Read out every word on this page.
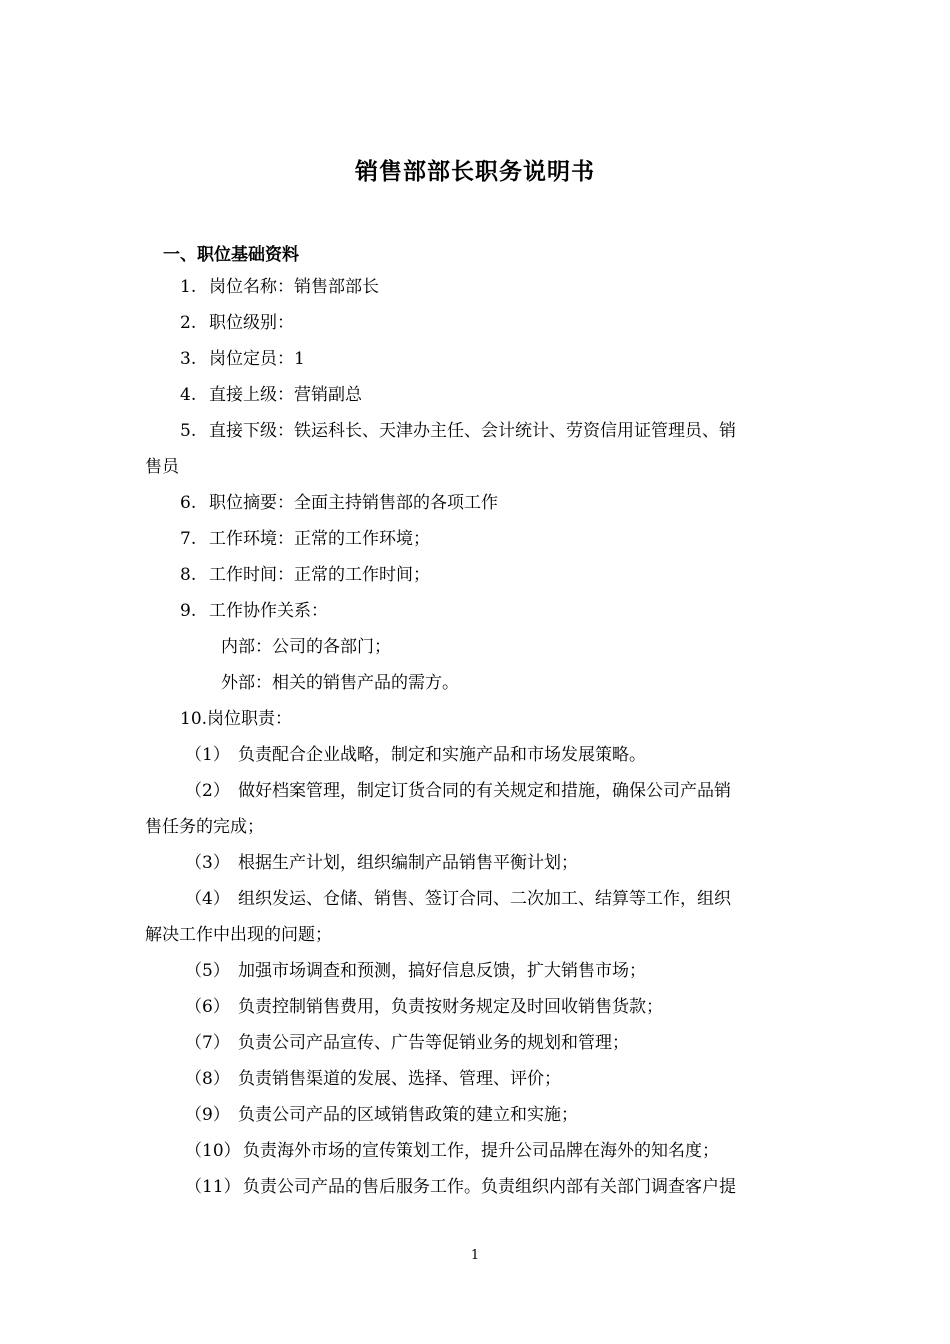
销售部部长职务说明书
一、职位基础资料
1. 岗位名称：销售部部长
2. 职位级别：
3. 岗位定员：1
4. 直接上级：营销副总
5. 直接下级：铁运科长、天津办主任、会计统计、劳资信用证管理员、销
售员
6. 职位摘要：全面主持销售部的各项工作
7. 工作环境：正常的工作环境；
8. 工作时间：正常的工作时间；
9. 工作协作关系：
内部：公司的各部门；
外部：相关的销售产品的需方。
10.岗位职责：
（1） 负责配合企业战略，制定和实施产品和市场发展策略。
（2） 做好档案管理，制定订货合同的有关规定和措施，确保公司产品销
售任务的完成；
（3） 根据生产计划，组织编制产品销售平衡计划；
（4） 组织发运、仓储、销售、签订合同、二次加工、结算等工作，组织
解决工作中出现的问题；
（5） 加强市场调查和预测，搞好信息反馈，扩大销售市场；
（6） 负责控制销售费用，负责按财务规定及时回收销售货款；
（7） 负责公司产品宣传、广告等促销业务的规划和管理；
（8） 负责销售渠道的发展、选择、管理、评价；
（9） 负责公司产品的区域销售政策的建立和实施；
（10） 负责海外市场的宣传策划工作，提升公司品牌在海外的知名度；
（11） 负责公司产品的售后服务工作。负责组织内部有关部门调查客户提
1
